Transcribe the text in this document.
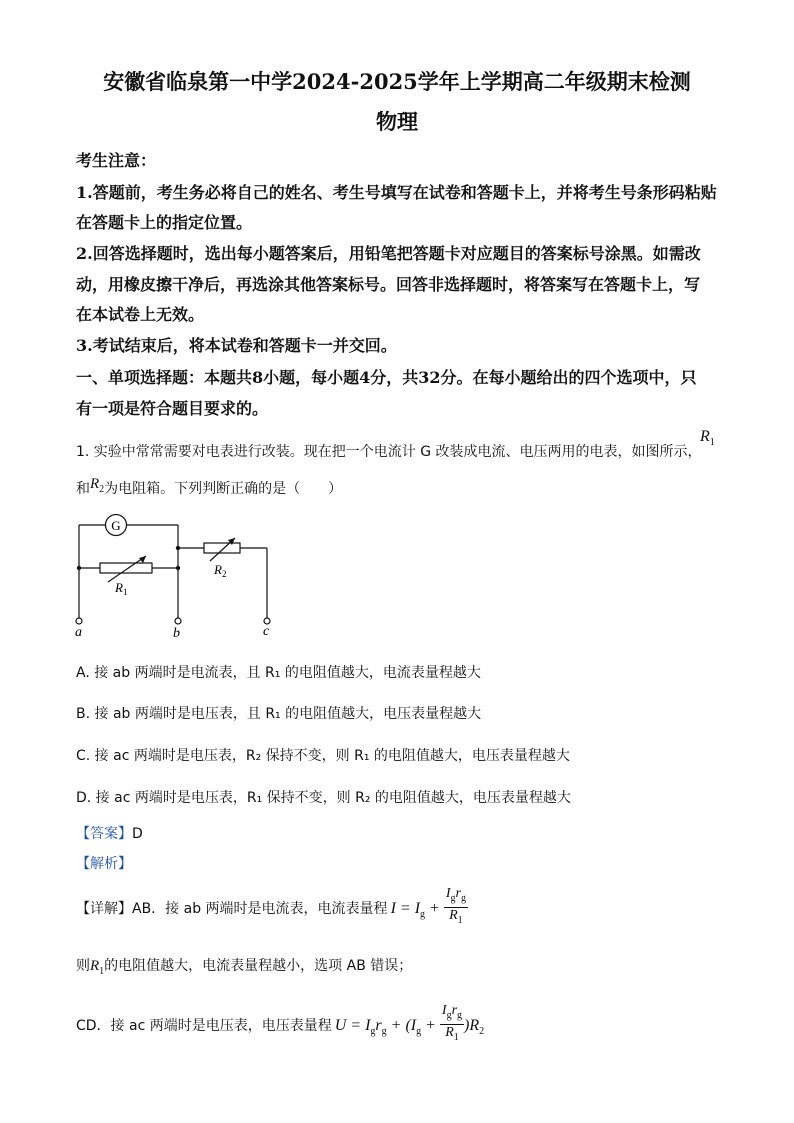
安徽省临泉第一中学2024-2025学年上学期高二年级期末检测
物理
考生注意：
1.答题前，考生务必将自己的姓名、考生号填写在试卷和答题卡上，并将考生号条形码粘贴
在答题卡上的指定位置。
2.回答选择题时，选出每小题答案后，用铅笔把答题卡对应题目的答案标号涂黑。如需改
动，用橡皮擦干净后，再选涂其他答案标号。回答非选择题时，将答案写在答题卡上，写
在本试卷上无效。
3.考试结束后，将本试卷和答题卡一并交回。
一、单项选择题：本题共8小题，每小题4分，共32分。在每小题给出的四个选项中，只
有一项是符合题目要求的。
1. 实验中常常需要对电表进行改装。现在把一个电流计 G 改装成电流、电压两用的电表，如图所示，
$R_1$
和$R_2$为电阻箱。下列判断正确的是（　　）
G
$R_1$
$R_2$
a	b	c
A. 接 ab 两端时是电流表，且 R₁ 的电阻值越大，电流表量程越大
B. 接 ab 两端时是电压表，且 R₁ 的电阻值越大，电压表量程越大
C. 接 ac 两端时是电压表，R₂ 保持不变，则 R₁ 的电阻值越大，电压表量程越大
D. 接 ac 两端时是电压表，R₁ 保持不变，则 R₂ 的电阻值越大，电压表量程越大
【答案】D
【解析】
【详解】AB．接 ab 两端时是电流表，电流表量程 $I = I_g + \frac{I_gr_g}{R_1}$
则$R_1$的电阻值越大，电流表量程越小，选项 AB 错误；
CD．接 ac 两端时是电压表，电压表量程 $U = I_gr_g + (I_g + \frac{I_gr_g}{R_1} )R_2$
